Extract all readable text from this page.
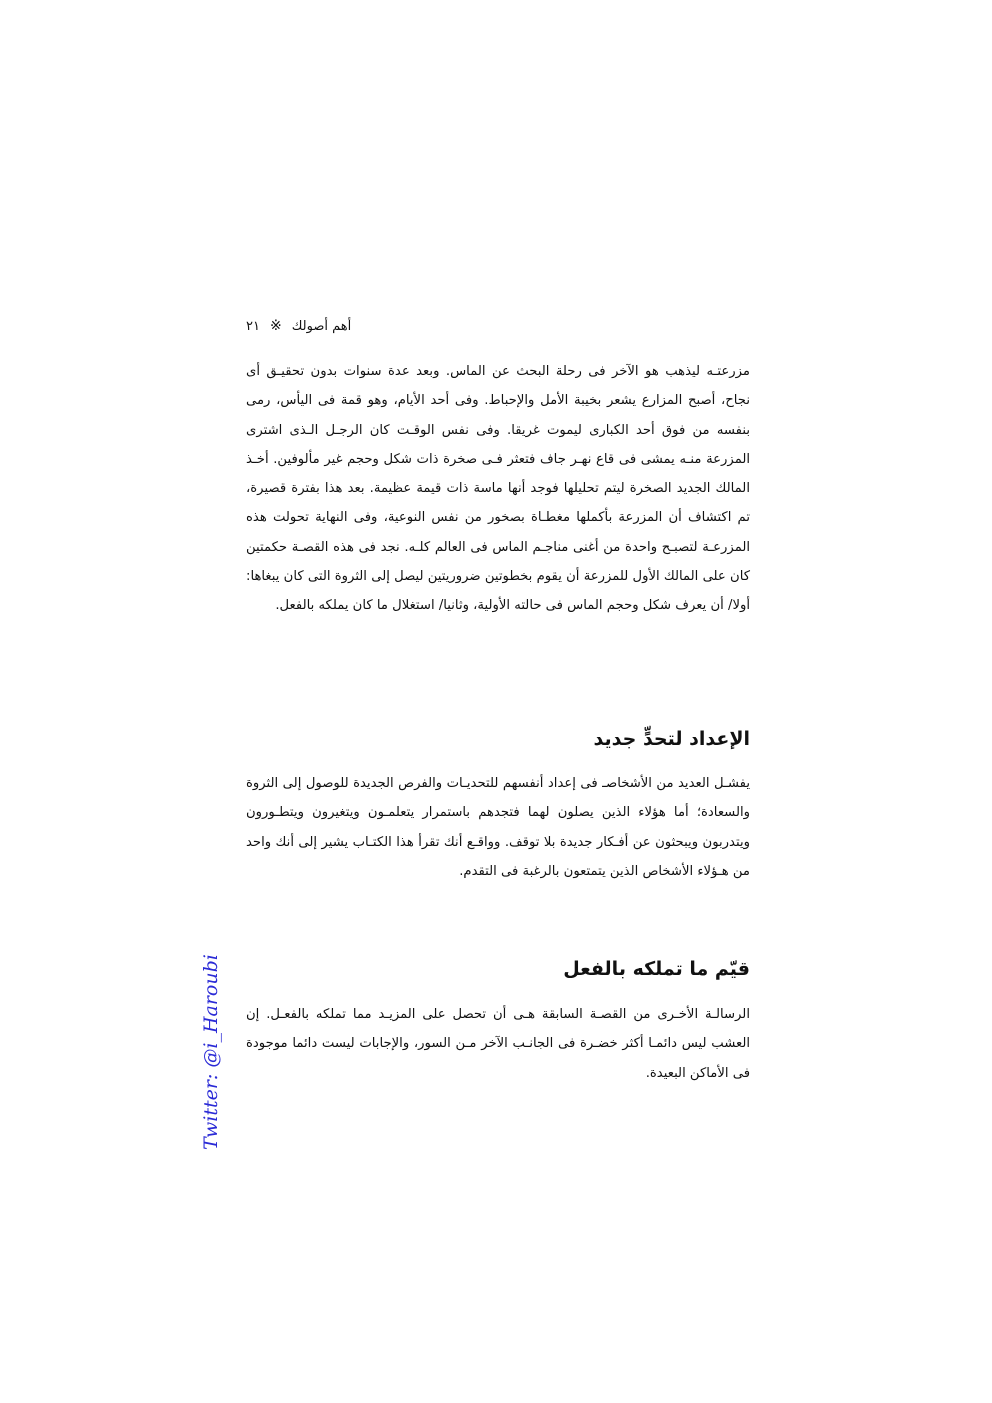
أهم أصولك※٢١

مزرعتـه ليذهب هو الآخر فى رحلة البحث عن الماس. وبعد عدة سنوات بدون تحقيـق أى نجاح، أصبح المزارع يشعر بخيبة الأمل والإحباط. وفى أحد الأيام، وهو قمة فى اليأس، رمى بنفسه من فوق أحد الكبارى ليموت غريقا. وفى نفس الوقـت كان الرجـل الـذى اشترى المزرعة منـه يمشى فى قاع نهـر جاف فتعثر فـى صخرة ذات شكل وحجم غير مألوفين. أخـذ المالك الجديد الصخرة ليتم تحليلها فوجد أنها ماسة ذات قيمة عظيمة. بعد هذا بفترة قصيرة، تم اكتشاف أن المزرعة بأكملها مغطـاة بصخور من نفس النوعية، وفى النهاية تحولت هذه المزرعـة لتصبـح واحدة من أغنى مناجـم الماس فى العالم كلـه. نجد فى هذه القصـة حكمتين كان على المالك الأول للمزرعة أن يقوم بخطوتين ضروريتين ليصل إلى الثروة التى كان يبغاها: أولا/ أن يعرف شكل وحجم الماس فى حالته الأولية، وثانيا/ استغلال ما كان يملكه بالفعل.

الإعداد لتحدٍّ جديد

يفشـل العديد من الأشخاصـ فى إعداد أنفسهم للتحديـات والفرص الجديدة للوصول إلى الثروة والسعادة؛ أما هؤلاء الذين يصلون لهما فتجدهم باستمرار يتعلمـون ويتغيرون ويتطـورون ويتدربون ويبحثون عن أفـكار جديدة بلا توقف. وواقـع أنك تقرأ هذا الكتـاب يشير إلى أنك واحد من هـؤلاء الأشخاص الذين يتمتعون بالرغبة فى التقدم.

قيّم ما تملكه بالفعل

الرسالـة الأخـرى من القصـة السابقة هـى أن تحصل على المزيـد مما تملكه بالفعـل. إن العشب ليس دائمـا أكثر خضـرة فى الجانـب الآخر مـن السور، والإجابات ليست دائما موجودة فى الأماكن البعيدة.

Twitter: @i_Haroubi
